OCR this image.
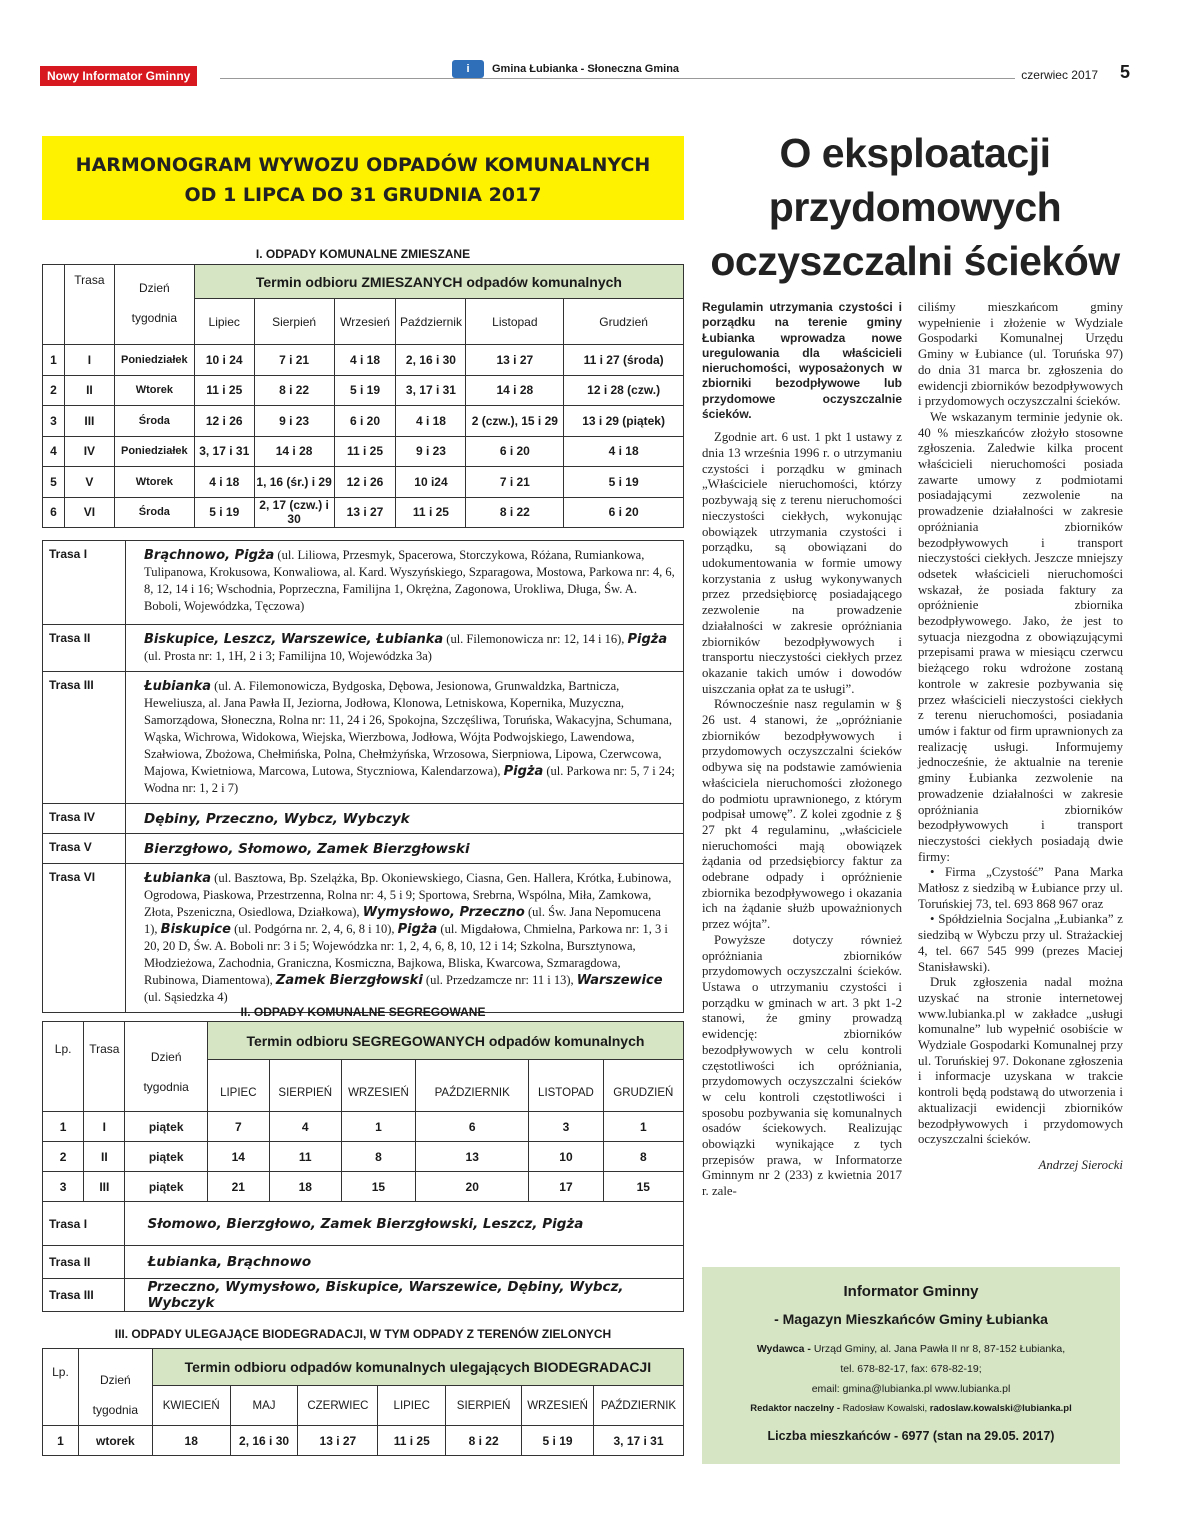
Nowy Informator Gminny	i	Gmina Łubianka - Słoneczna Gmina	czerwiec 2017 5
HARMONOGRAM WYWOZU ODPADÓW KOMUNALNYCH
OD 1 LIPCA DO 31 GRUDNIA 2017
I. ODPADY KOMUNALNE ZMIESZANE
	Trasa	Dzień
tygodnia	Termin odbioru ZMIESZANYCH odpadów komunalnych					
			Lipiec	Sierpień	Wrzesień	Październik	Listopad	Grudzień
1	I	Poniedziałek	10 i 24	7 i 21	4 i 18	2, 16 i 30	13 i 27	11 i 27 (środa)
2	II	Wtorek	11 i 25	8 i 22	5 i 19	3, 17 i 31	14 i 28	12 i 28 (czw.)
3	III	Środa	12 i 26	9 i 23	6 i 20	4 i 18	2 (czw.), 15 i 29	13 i 29 (piątek)
4	IV	Poniedziałek	3, 17 i 31	14 i 28	11 i 25	9 i 23	6 i 20	4 i 18
5	V	Wtorek	4 i 18	1, 16 (śr.) i 29	12 i 26	10 i24	7 i 21	5 i 19
6	VI	Środa	5 i 19	2, 17 (czw.) i 30	13 i 27	11 i 25	8 i 22	6 i 20
Trasa I	Brąchnowo, Pigża (ul. Liliowa, Przesmyk, Spacerowa, Storczykowa, Różana, Rumiankowa, Tulipanowa, Krokusowa, Konwaliowa, al. Kard. Wyszyńskiego, Szparagowa, Mostowa, Parkowa nr: 4, 6, 8, 12, 14 i 16; Wschodnia, Poprzeczna, Familijna 1, Okrężna, Zagonowa, Urokliwa, Długa, Św. A. Boboli, Wojewódzka, Tęczowa)
Trasa II	Biskupice, Leszcz, Warszewice, Łubianka (ul. Filemonowicza nr: 12, 14 i 16), Pigża (ul. Prosta nr: 1, 1H, 2 i 3; Familijna 10, Wojewódzka 3a)
Trasa III	Łubianka (ul. A. Filemonowicza, Bydgoska, Dębowa, Jesionowa, Grunwaldzka, Bartnicza, Heweliusza, al. Jana Pawła II, Jeziorna, Jodłowa, Klonowa, Letniskowa, Kopernika, Muzyczna, Samorządowa, Słoneczna, Rolna nr: 11, 24 i 26, Spokojna, Szczęśliwa, Toruńska, Wakacyjna, Schumana, Wąska, Wichrowa, Widokowa, Wiejska, Wierzbowa, Jodłowa, Wójta Podwojskiego, Lawendowa, Szałwiowa, Zbożowa, Chełmińska, Polna, Chełmżyńska, Wrzosowa, Sierpniowa, Lipowa, Czerwcowa, Majowa, Kwietniowa, Marcowa, Lutowa, Styczniowa, Kalendarzowa), Pigża (ul. Parkowa nr: 5, 7 i 24; Wodna nr: 1, 2 i 7)
Trasa IV	Dębiny, Przeczno, Wybcz, Wybczyk
Trasa V	Bierzgłowo, Słomowo, Zamek Bierzgłowski
Trasa VI	Łubianka (ul. Basztowa, Bp. Szelążka, Bp. Okoniewskiego, Ciasna, Gen. Hallera, Krótka, Łubinowa, Ogrodowa, Piaskowa, Przestrzenna, Rolna nr: 4, 5 i 9; Sportowa, Srebrna, Wspólna, Miła, Zamkowa, Złota, Pszeniczna, Osiedlowa, Działkowa), Wymysłowo, Przeczno (ul. Św. Jana Nepomucena 1), Biskupice (ul. Podgórna nr. 2, 4, 6, 8 i 10), Pigża (ul. Migdałowa, Chmielna, Parkowa nr: 1, 3 i 20, 20 D, Św. A. Boboli nr: 3 i 5; Wojewódzka nr: 1, 2, 4, 6, 8, 10, 12 i 14; Szkolna, Bursztynowa, Młodzieżowa, Zachodnia, Graniczna, Kosmiczna, Bajkowa, Bliska, Kwarcowa, Szmaragdowa, Rubinowa, Diamentowa), Zamek Bierzgłowski (ul. Przedzamcze nr: 11 i 13), Warszewice (ul. Sąsiedzka 4)
II. ODPADY KOMUNALNE SEGREGOWANE
Lp.	Trasa	Dzień
tygodnia	Termin odbioru SEGREGOWANYCH odpadów komunalnych					
			LIPIEC	SIERPIEŃ	WRZESIEŃ	PAŹDZIERNIK	LISTOPAD	GRUDZIEŃ
1	I	piątek	7	4	1	6	3	1
2	II	piątek	14	11	8	13	10	8
3	III	piątek	21	18	15	20	17	15
Trasa I		Słomowo, Bierzgłowo, Zamek Bierzgłowski, Leszcz, Pigża						
Trasa II		Łubianka, Brąchnowo						
Trasa III		Przeczno, Wymysłowo, Biskupice, Warszewice, Dębiny, Wybcz, Wybczyk						
III. ODPADY ULEGAJĄCE BIODEGRADACJI, W TYM ODPADY Z TERENÓW ZIELONYCH
Lp.	Dzień
tygodnia	Termin odbioru odpadów komunalnych ulegających BIODEGRADACJI						
		KWIECIEŃ	MAJ	CZERWIEC	LIPIEC	SIERPIEŃ	WRZESIEŃ	PAŹDZIERNIK
1	wtorek	18	2, 16 i 30	13 i 27	11 i 25	8 i 22	5 i 19	3, 17 i 31
O eksploatacji
przydomowych
oczyszczalni ścieków

Regulamin utrzymania czystości i porządku na terenie gminy Łubianka wprowadza nowe uregulowania dla właścicieli nieruchomości, wyposażonych w zbiorniki bezodpływowe lub przydomowe oczyszczalnie ścieków.

Zgodnie art. 6 ust. 1 pkt 1 ustawy z dnia 13 września 1996 r. o utrzymaniu czystości i porządku w gminach „Właściciele nieruchomości, którzy pozbywają się z terenu nieruchomości nieczystości ciekłych, wykonując obowiązek utrzymania czystości i porządku, są obowiązani do udokumentowania w formie umowy korzystania z usług wykonywanych przez przedsiębiorcę posiadającego zezwolenie na prowadzenie działalności w zakresie opróżniania zbiorników bezodpływowych i transportu nieczystości ciekłych przez okazanie takich umów i dowodów uiszczania opłat za te usługi”.

Równocześnie nasz regulamin w § 26 ust. 4 stanowi, że „opróżnianie zbiorników bezodpływowych i przydomowych oczyszczalni ścieków odbywa się na podstawie zamówienia właściciela nieruchomości złożonego do podmiotu uprawnionego, z którym podpisał umowę”. Z kolei zgodnie z § 27 pkt 4 regulaminu, „właściciele nieruchomości mają obowiązek żądania od przedsiębiorcy faktur za odebrane odpady i opróżnienie zbiornika bezodpływowego i okazania ich na żądanie służb upoważnionych przez wójta”.

Powyższe dotyczy również opróżniania zbiorników przydomowych oczyszczalni ścieków. Ustawa o utrzymaniu czystości i porządku w gminach w art. 3 pkt 1-2 stanowi, że gminy prowadzą ewidencję: zbiorników bezodpływowych w celu kontroli częstotliwości ich opróżniania, przydomowych oczyszczalni ścieków w celu kontroli częstotliwości i sposobu pozbywania się komunalnych osadów ściekowych. Realizując obowiązki wynikające z tych przepisów prawa, w Informatorze Gminnym nr 2 (233) z kwietnia 2017 r. zale-

ciliśmy mieszkańcom gminy wypełnienie i złożenie w Wydziale Gospodarki Komunalnej Urzędu Gminy w Łubiance (ul. Toruńska 97) do dnia 31 marca br. zgłoszenia do ewidencji zbiorników bezodpływowych i przydomowych oczyszczalni ścieków.

We wskazanym terminie jedynie ok. 40 % mieszkańców złożyło stosowne zgłoszenia. Zaledwie kilka procent właścicieli nieruchomości posiada zawarte umowy z podmiotami posiadającymi zezwolenie na prowadzenie działalności w zakresie opróżniania zbiorników bezodpływowych i transport nieczystości ciekłych. Jeszcze mniejszy odsetek właścicieli nieruchomości wskazał, że posiada faktury za opróżnienie zbiornika bezodpływowego. Jako, że jest to sytuacja niezgodna z obowiązującymi przepisami prawa w miesiącu czerwcu bieżącego roku wdrożone zostaną kontrole w zakresie pozbywania się przez właścicieli nieczystości ciekłych z terenu nieruchomości, posiadania umów i faktur od firm uprawnionych za realizację usługi. Informujemy jednocześnie, że aktualnie na terenie gminy Łubianka zezwolenie na prowadzenie działalności w zakresie opróżniania zbiorników bezodpływowych i transport nieczystości ciekłych posiadają dwie firmy:

• Firma „Czystość” Pana Marka Matłosz z siedzibą w Łubiance przy ul. Toruńskiej 73, tel. 693 868 967 oraz

• Spółdzielnia Socjalna „Łubianka” z siedzibą w Wybczu przy ul. Strażackiej 4, tel. 667 545 999 (prezes Maciej Stanisławski).

Druk zgłoszenia nadal można uzyskać na stronie internetowej www.lubianka.pl w zakładce „usługi komunalne” lub wypełnić osobiście w Wydziale Gospodarki Komunalnej przy ul. Toruńskiej 97. Dokonane zgłoszenia i informacje uzyskana w trakcie kontroli będą podstawą do utworzenia i aktualizacji ewidencji zbiorników bezodpływowych i przydomowych oczyszczalni ścieków.

Andrzej Sierocki

Informator Gminny
- Magazyn Mieszkańców Gminy Łubianka
Wydawca - Urząd Gminy, al. Jana Pawła II nr 8, 87-152 Łubianka,
tel. 678-82-17, fax: 678-82-19;
email: gmina@lubianka.pl www.lubianka.pl
Redaktor naczelny - Radosław Kowalski, radoslaw.kowalski@lubianka.pl
Liczba mieszkańców - 6977 (stan na 29.05. 2017)
